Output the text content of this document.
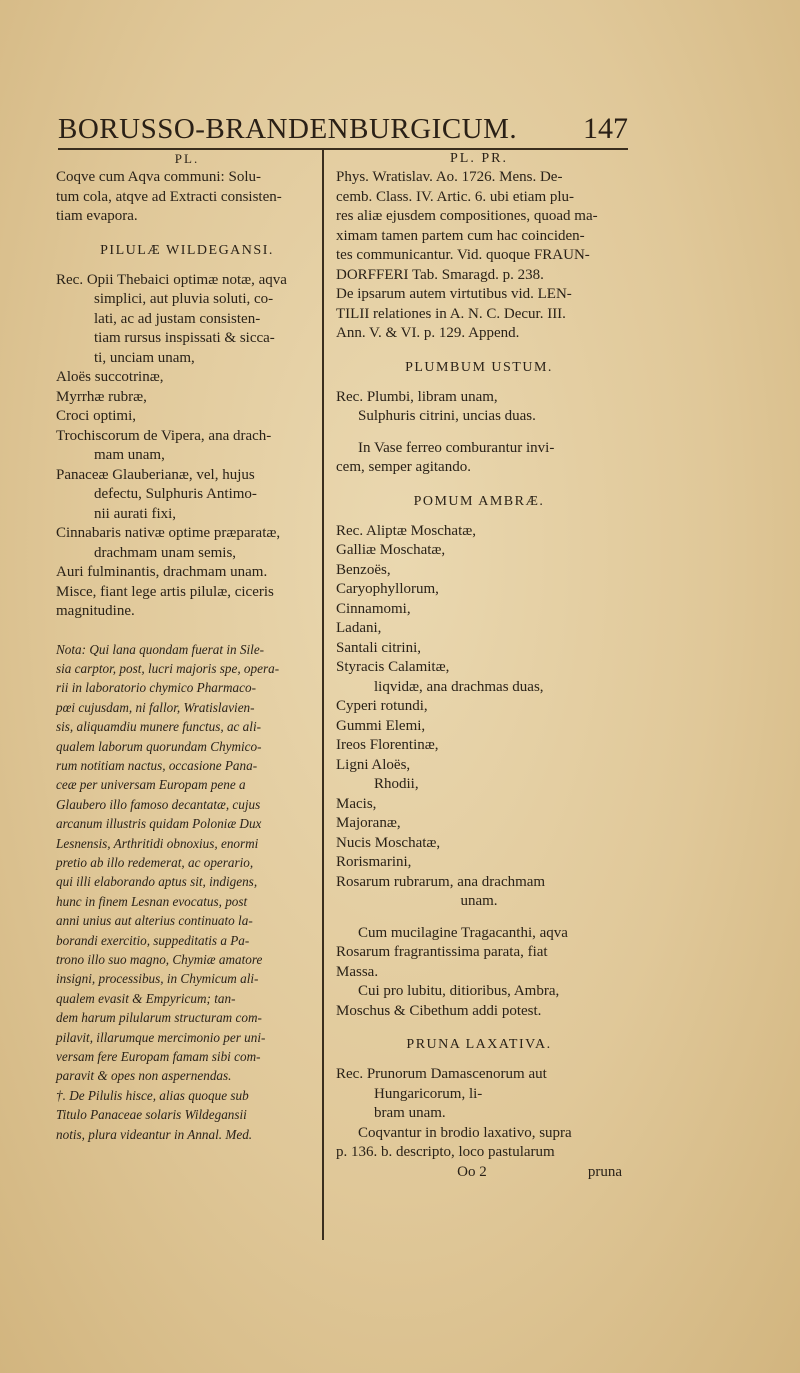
BORUSSO-BRANDENBURGICUM. 147
PL.
Coqve cum Aqva communi: Solu-
tum cola, atqve ad Extracti consisten-
tiam evapora.
PILULÆ WILDEGANSI.
Rec. Opii Thebaici optimæ notæ, aqva
simplici, aut pluvia soluti, co-
lati, ac ad justam consisten-
tiam rursus inspissati & sicca-
ti, unciam unam,
Aloës succotrinæ,
Myrrhæ rubræ,
Croci optimi,
Trochiscorum de Vipera, ana drach-
mam unam,
Panaceæ Glauberianæ, vel, hujus
defectu, Sulphuris Antimo-
nii aurati fixi,
Cinnabaris nativæ optime præparatæ,
drachmam unam semis,
Auri fulminantis, drachmam unam.
Misce, fiant lege artis pilulæ, ciceris
magnitudine.
Nota: Qui lana quondam fuerat in Sile-
sia carptor, post, lucri majoris spe, opera-
rii in laboratorio chymico Pharmaco-
pœi cujusdam, ni fallor, Wratislavien-
sis, aliquamdiu munere functus, ac ali-
qualem laborum quorundam Chymico-
rum notitiam nactus, occasione Pana-
ceæ per universam Europam pene a
Glaubero illo famoso decantatæ, cujus
arcanum illustris quidam Poloniæ Dux
Lesnensis, Arthritidi obnoxius, enormi
pretio ab illo redemerat, ac operario,
qui illi elaborando aptus sit, indigens,
hunc in finem Lesnan evocatus, post
anni unius aut alterius continuato la-
borandi exercitio, suppeditatis a Pa-
trono illo suo magno, Chymiæ amatore
insigni, processibus, in Chymicum ali-
qualem evasit & Empyricum; tan-
dem harum pilularum structuram com-
pilavit, illarumque mercimonio per uni-
versam fere Europam famam sibi com-
paravit & opes non aspernendas.
†. De Pilulis hisce, alias quoque sub
Titulo Panaceae solaris Wildegansii
notis, plura videantur in Annal. Med.
PL. PR.
Phys. Wratislav. Ao. 1726. Mens. De-
cemb. Class. IV. Artic. 6. ubi etiam plu-
res aliæ ejusdem compositiones, quoad ma-
ximam tamen partem cum hac coinciden-
tes communicantur. Vid. quoque FRAUN-
DORFFERI Tab. Smaragd. p. 238.
De ipsarum autem virtutibus vid. LEN-
TILII relationes in A. N. C. Decur. III.
Ann. V. & VI. p. 129. Append.
PLUMBUM USTUM.
Rec. Plumbi, libram unam,
Sulphuris citrini, uncias duas.
In Vase ferreo comburantur invi-
cem, semper agitando.
POMUM AMBRÆ.
Rec. Aliptæ Moschatæ,
Galliæ Moschatæ,
Benzoës,
Caryophyllorum,
Cinnamomi,
Ladani,
Santali citrini,
Styracis Calamitæ,
liqvidæ, ana drachmas duas,
Cyperi rotundi,
Gummi Elemi,
Ireos Florentinæ,
Ligni Aloës,
Rhodii,
Macis,
Majoranæ,
Nucis Moschatæ,
Rorismarini,
Rosarum rubrarum, ana drachmam
unam.
Cum mucilagine Tragacanthi, aqva
Rosarum fragrantissima parata, fiat
Massa.
Cui pro lubitu, ditioribus, Ambra,
Moschus & Cibethum addi potest.
PRUNA LAXATIVA.
Rec. Prunorum Damascenorum aut
Hungaricorum, li-
bram unam.
Coqvantur in brodio laxativo, supra
p. 136. b. descripto, loco pastularum
Oo 2	pruna
